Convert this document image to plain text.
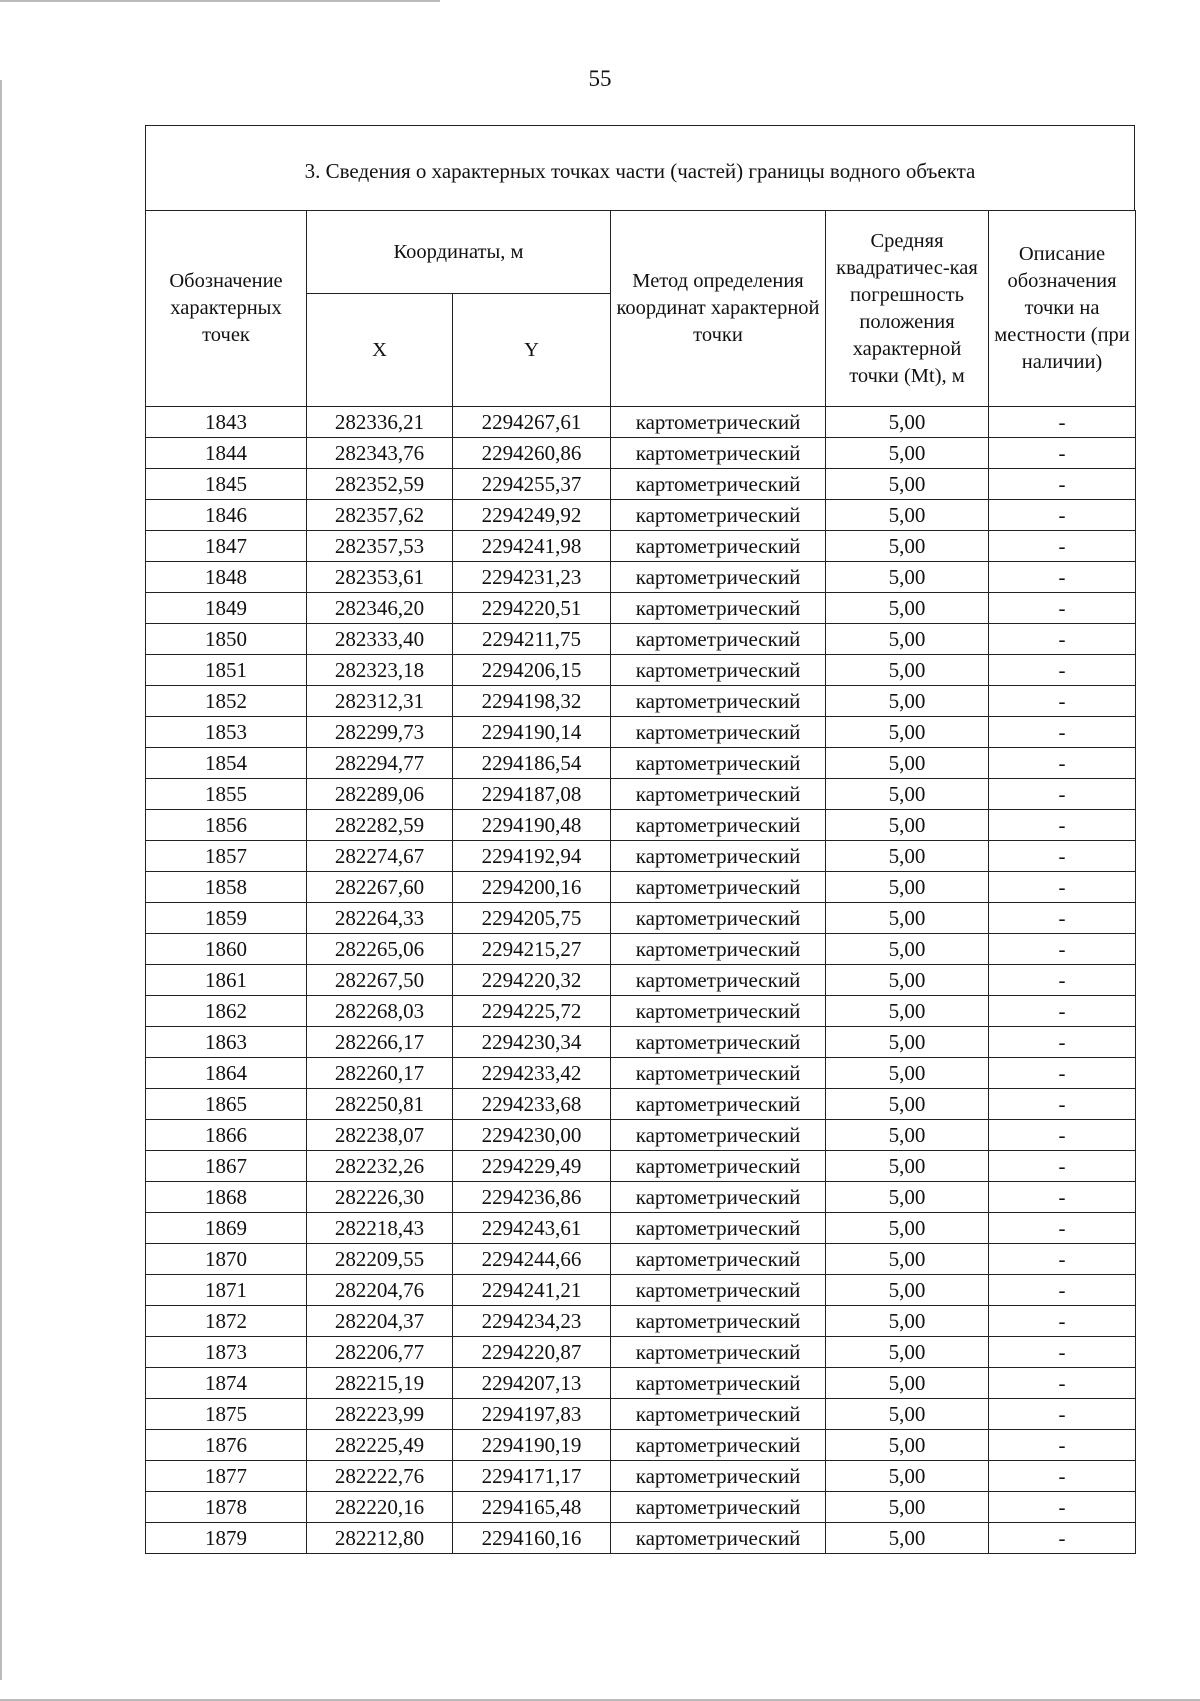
55
3. Сведения о характерных точках части (частей) границы водного объекта
Обозначение характерных точек	Координаты, м		Метод определения координат характерной точки	Средняя квадратичес-кая погрешность положения характерной точки (Mt), м	Описание обозначения точки на местности (при наличии)
	X	Y			
1843	282336,21	2294267,61	картометрический	5,00	-
1844	282343,76	2294260,86	картометрический	5,00	-
1845	282352,59	2294255,37	картометрический	5,00	-
1846	282357,62	2294249,92	картометрический	5,00	-
1847	282357,53	2294241,98	картометрический	5,00	-
1848	282353,61	2294231,23	картометрический	5,00	-
1849	282346,20	2294220,51	картометрический	5,00	-
1850	282333,40	2294211,75	картометрический	5,00	-
1851	282323,18	2294206,15	картометрический	5,00	-
1852	282312,31	2294198,32	картометрический	5,00	-
1853	282299,73	2294190,14	картометрический	5,00	-
1854	282294,77	2294186,54	картометрический	5,00	-
1855	282289,06	2294187,08	картометрический	5,00	-
1856	282282,59	2294190,48	картометрический	5,00	-
1857	282274,67	2294192,94	картометрический	5,00	-
1858	282267,60	2294200,16	картометрический	5,00	-
1859	282264,33	2294205,75	картометрический	5,00	-
1860	282265,06	2294215,27	картометрический	5,00	-
1861	282267,50	2294220,32	картометрический	5,00	-
1862	282268,03	2294225,72	картометрический	5,00	-
1863	282266,17	2294230,34	картометрический	5,00	-
1864	282260,17	2294233,42	картометрический	5,00	-
1865	282250,81	2294233,68	картометрический	5,00	-
1866	282238,07	2294230,00	картометрический	5,00	-
1867	282232,26	2294229,49	картометрический	5,00	-
1868	282226,30	2294236,86	картометрический	5,00	-
1869	282218,43	2294243,61	картометрический	5,00	-
1870	282209,55	2294244,66	картометрический	5,00	-
1871	282204,76	2294241,21	картометрический	5,00	-
1872	282204,37	2294234,23	картометрический	5,00	-
1873	282206,77	2294220,87	картометрический	5,00	-
1874	282215,19	2294207,13	картометрический	5,00	-
1875	282223,99	2294197,83	картометрический	5,00	-
1876	282225,49	2294190,19	картометрический	5,00	-
1877	282222,76	2294171,17	картометрический	5,00	-
1878	282220,16	2294165,48	картометрический	5,00	-
1879	282212,80	2294160,16	картометрический	5,00	-
